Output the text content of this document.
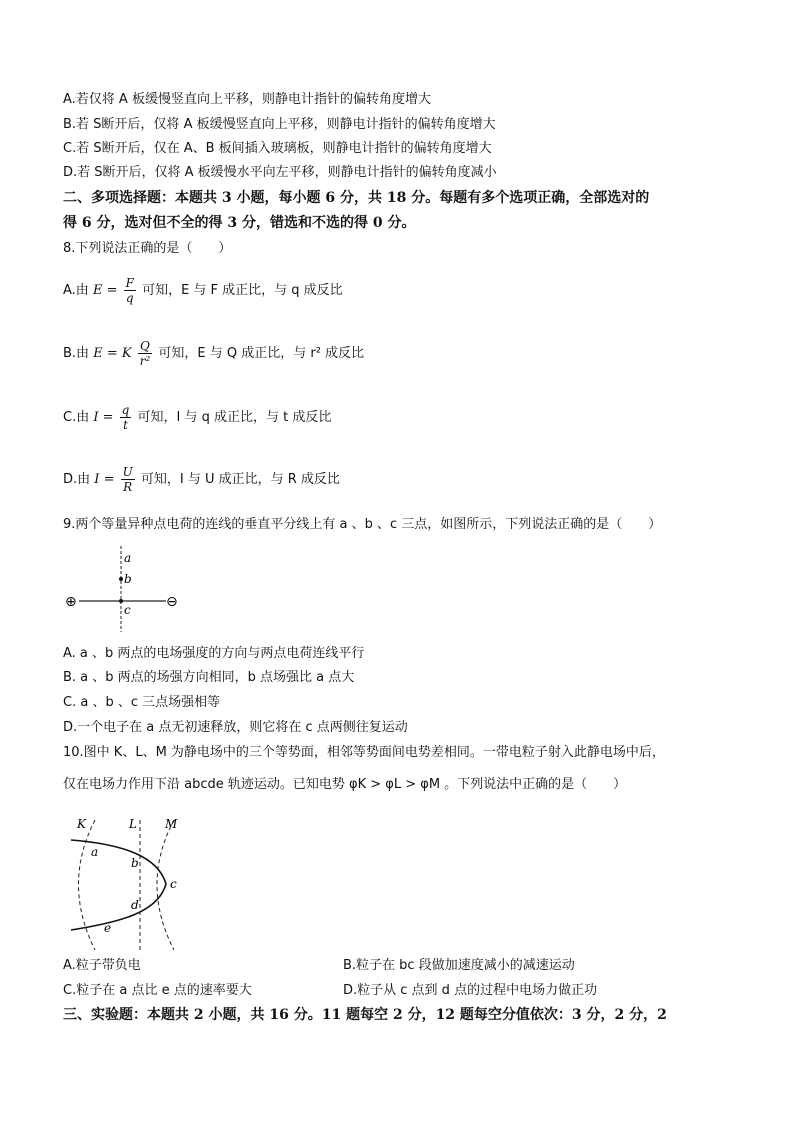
A.若仅将 A 板缓慢竖直向上平移，则静电计指针的偏转角度增大
B.若 S断开后，仅将 A 板缓慢竖直向上平移，则静电计指针的偏转角度增大
C.若 S断开后，仅在 A、B 板间插入玻璃板，则静电计指针的偏转角度增大
D.若 S断开后，仅将 A 板缓慢水平向左平移，则静电计指针的偏转角度减小
二、多项选择题：本题共 3 小题，每小题 6 分，共 18 分。每题有多个选项正确，全部选对的
得 6 分，选对但不全的得 3 分，错选和不选的得 0 分。
8.下列说法正确的是（　　）
A.由 $E = \frac{F}{q}$ 可知，E 与 F 成正比，与 q 成反比
B.由 E = K $\frac{Q}{\text{r²}}$ 可知，E 与 Q 成正比，与 r² 成反比
C.由 $I = \frac{q}{t}$ 可知，I 与 q 成正比，与 t 成反比
D.由 $I = \frac{U}{R}$ 可知，I 与 U 成正比，与 R 成反比
9.两个等量异种点电荷的连线的垂直平分线上有 a 、b 、c 三点，如图所示，下列说法正确的是（　　）
a
b
c
⊕	⊖
A. a 、b 两点的电场强度的方向与两点电荷连线平行
B. a 、b 两点的场强方向相同，b 点场强比 a 点大
C. a 、b 、c 三点场强相等
D.一个电子在 a 点无初速释放，则它将在 c 点两侧往复运动
10.图中 K、L、M 为静电场中的三个等势面，相邻等势面间电势差相同。一带电粒子射入此静电场中后，
仅在电场力作用下沿 abcde 轨迹运动。已知电势 φK > φL > φM 。下列说法中正确的是（　　）
K	L M
a
b
c
d
e
A.粒子带负电	B.粒子在 bc 段做加速度减小的减速运动
C.粒子在 a 点比 e 点的速率要大	D.粒子从 c 点到 d 点的过程中电场力做正功
三、实验题：本题共 2 小题，共 16 分。11 题每空 2 分，12 题每空分值依次：3 分，2 分，2
